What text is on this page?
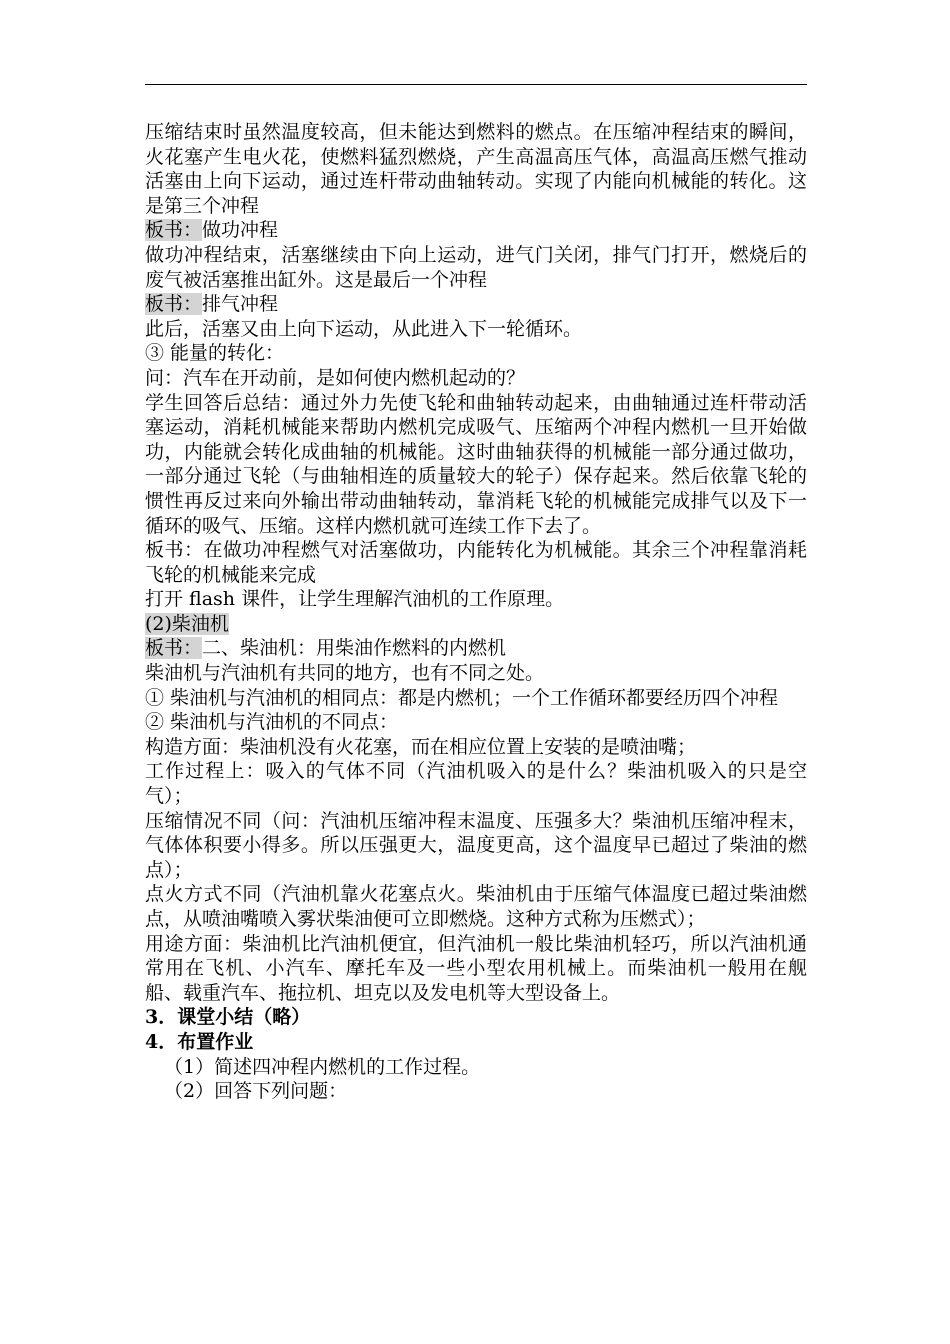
压缩结束时虽然温度较高，但未能达到燃料的燃点。在压缩冲程结束的瞬间，火花塞产生电火花，使燃料猛烈燃烧，产生高温高压气体，高温高压燃气推动活塞由上向下运动，通过连杆带动曲轴转动。实现了内能向机械能的转化。这是第三个冲程

板书：做功冲程

做功冲程结束，活塞继续由下向上运动，进气门关闭，排气门打开，燃烧后的废气被活塞推出缸外。这是最后一个冲程

板书：排气冲程

此后，活塞又由上向下运动，从此进入下一轮循环。

③ 能量的转化：

问：汽车在开动前，是如何使内燃机起动的？

学生回答后总结：通过外力先使飞轮和曲轴转动起来，由曲轴通过连杆带动活塞运动，消耗机械能来帮助内燃机完成吸气、压缩两个冲程内燃机一旦开始做功，内能就会转化成曲轴的机械能。这时曲轴获得的机械能一部分通过做功，一部分通过飞轮（与曲轴相连的质量较大的轮子）保存起来。然后依靠飞轮的惯性再反过来向外输出带动曲轴转动，靠消耗飞轮的机械能完成排气以及下一循环的吸气、压缩。这样内燃机就可连续工作下去了。

板书：在做功冲程燃气对活塞做功，内能转化为机械能。其余三个冲程靠消耗飞轮的机械能来完成

打开 flash 课件，让学生理解汽油机的工作原理。

(2)柴油机

板书：二、柴油机：用柴油作燃料的内燃机

柴油机与汽油机有共同的地方，也有不同之处。

① 柴油机与汽油机的相同点：都是内燃机；一个工作循环都要经历四个冲程

② 柴油机与汽油机的不同点：

构造方面：柴油机没有火花塞，而在相应位置上安装的是喷油嘴；

工作过程上：吸入的气体不同（汽油机吸入的是什么？柴油机吸入的只是空气）；

压缩情况不同（问：汽油机压缩冲程末温度、压强多大？柴油机压缩冲程末，气体体积要小得多。所以压强更大，温度更高，这个温度早已超过了柴油的燃点）；

点火方式不同（汽油机靠火花塞点火。柴油机由于压缩气体温度已超过柴油燃点，从喷油嘴喷入雾状柴油便可立即燃烧。这种方式称为压燃式）；

用途方面：柴油机比汽油机便宜，但汽油机一般比柴油机轻巧，所以汽油机通常用在飞机、小汽车、摩托车及一些小型农用机械上。而柴油机一般用在舰船、载重汽车、拖拉机、坦克以及发电机等大型设备上。

3．课堂小结（略）

4．布置作业

（1）简述四冲程内燃机的工作过程。

（2）回答下列问题：
